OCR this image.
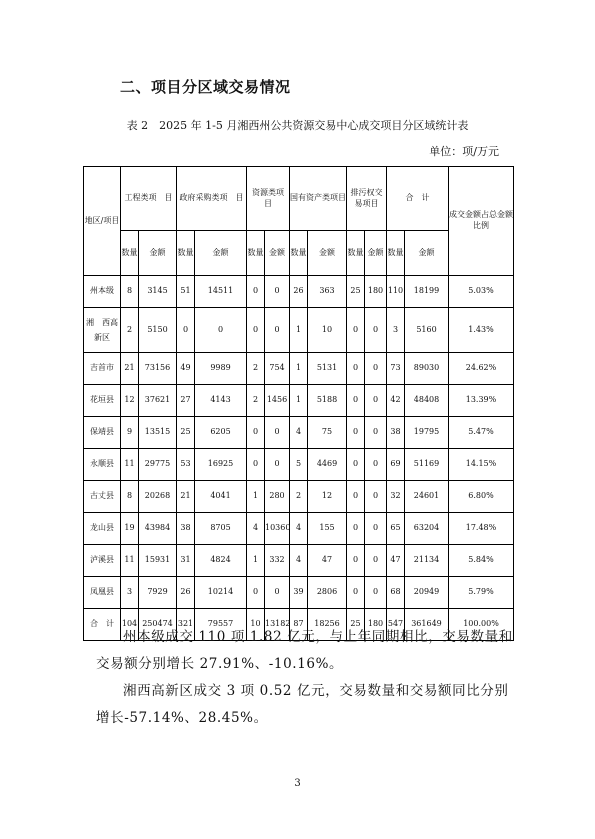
二、项目分区域交易情况
表 2　2025 年 1-5 月湘西州公共资源交易中心成交项目分区域统计表
单位：项/万元
地区/项目	工程类项　目		政府采购类项　目		资源类项　目		国有资产类项目		排污权交易项目		合　计		成交金额占总金额比例
	数量	金额	数量	金额	数量	金额	数量	金额	数量	金额	数量	金额	
州本级	8	3145	51	14511	0	0	26	363	25	180	110	18199	5.03%
湘　西高新区	2	5150	0	0	0	0	1	10	0	0	3	5160	1.43%
吉首市	21	73156	49	9989	2	754	1	5131	0	0	73	89030	24.62%
花垣县	12	37621	27	4143	2	1456	1	5188	0	0	42	48408	13.39%
保靖县	9	13515	25	6205	0	0	4	75	0	0	38	19795	5.47%
永顺县	11	29775	53	16925	0	0	5	4469	0	0	69	51169	14.15%
古丈县	8	20268	21	4041	1	280	2	12	0	0	32	24601	6.80%
龙山县	19	43984	38	8705	4	10360	4	155	0	0	65	63204	17.48%
泸溪县	11	15931	31	4824	1	332	4	47	0	0	47	21134	5.84%
凤凰县	3	7929	26	10214	0	0	39	2806	0	0	68	20949	5.79%
合　计	104	250474	321	79557	10	13182	87	18256	25	180	547	361649	100.00%
州本级成交 110 项 1.82 亿元，与上年同期相比，交易数量和交易额分别增长 27.91%、-10.16%。
湘西高新区成交 3 项 0.52 亿元，交易数量和交易额同比分别增长-57.14%、28.45%。
3
